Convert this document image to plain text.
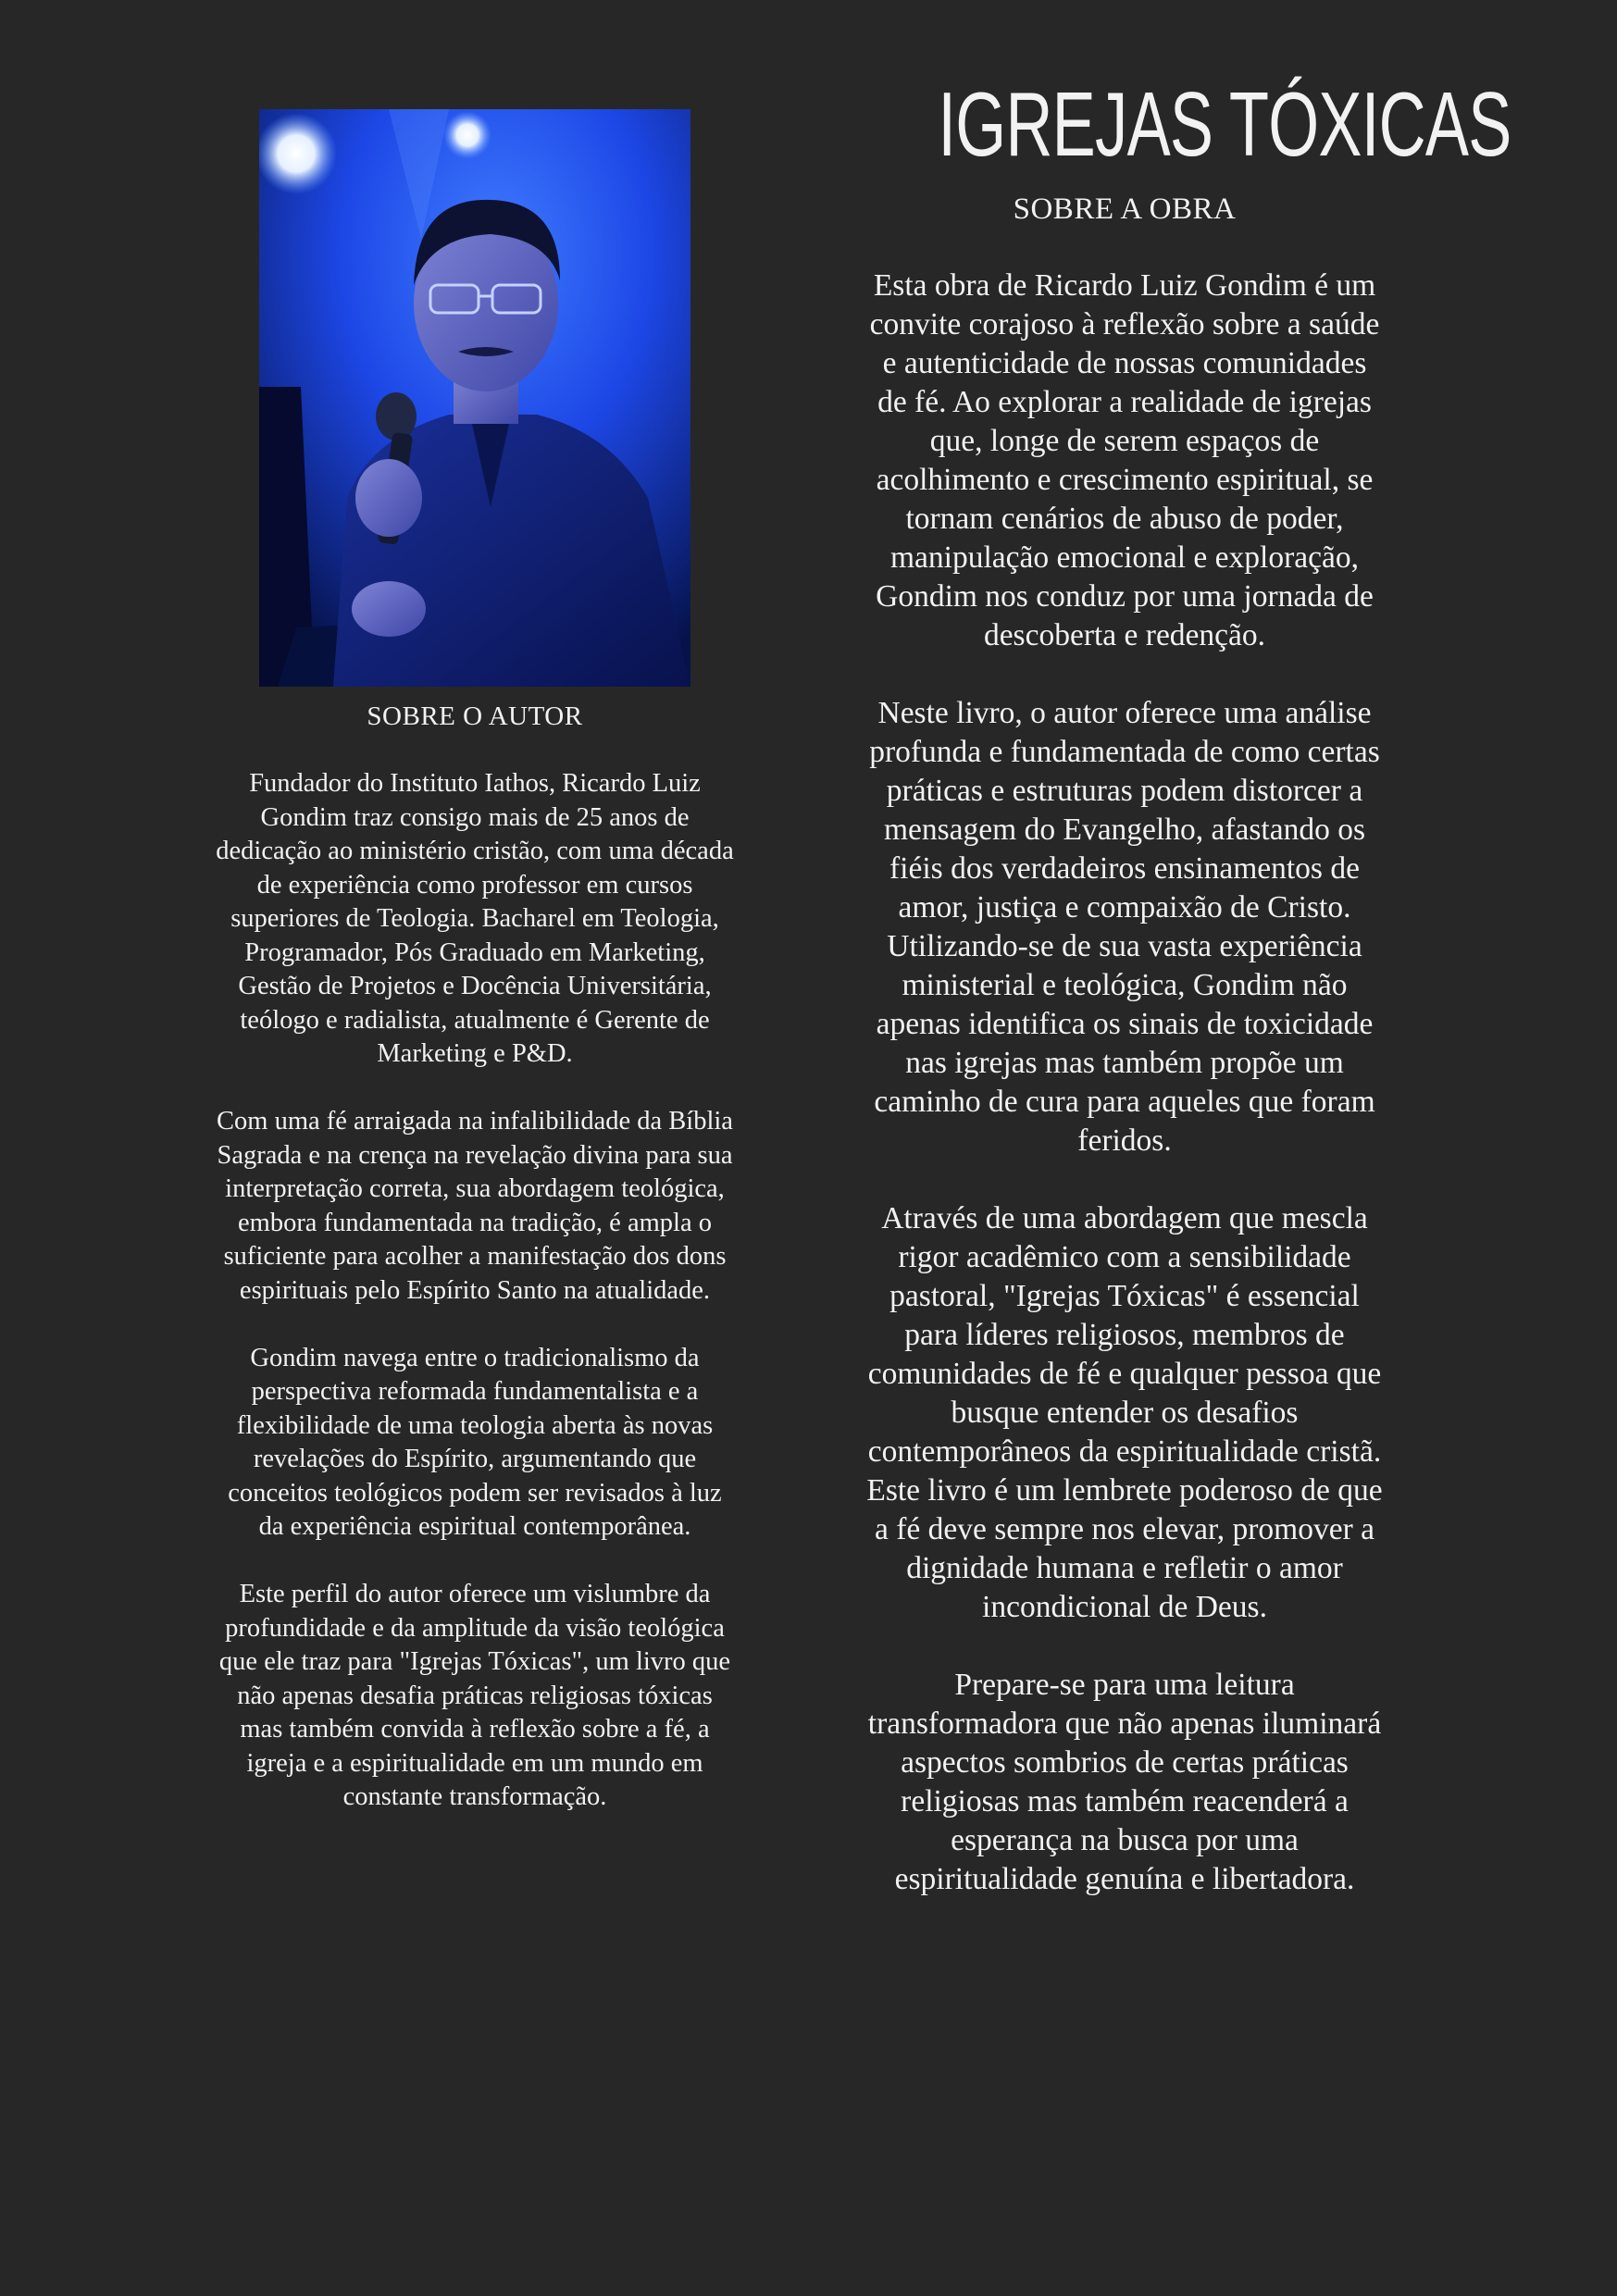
SOBRE O AUTOR

Fundador do Instituto Iathos, Ricardo Luiz Gondim traz consigo mais de 25 anos de dedicação ao ministério cristão, com uma década de experiência como professor em cursos superiores de Teologia. Bacharel em Teologia, Programador, Pós Graduado em Marketing, Gestão de Projetos e Docência Universitária, teólogo e radialista, atualmente é Gerente de Marketing e P&D.

Com uma fé arraigada na infalibilidade da Bíblia Sagrada e na crença na revelação divina para sua interpretação correta, sua abordagem teológica, embora fundamentada na tradição, é ampla o suficiente para acolher a manifestação dos dons espirituais pelo Espírito Santo na atualidade.

Gondim navega entre o tradicionalismo da perspectiva reformada fundamentalista e a flexibilidade de uma teologia aberta às novas revelações do Espírito, argumentando que conceitos teológicos podem ser revisados à luz da experiência espiritual contemporânea.

Este perfil do autor oferece um vislumbre da profundidade e da amplitude da visão teológica que ele traz para "Igrejas Tóxicas", um livro que não apenas desafia práticas religiosas tóxicas mas também convida à reflexão sobre a fé, a igreja e a espiritualidade em um mundo em constante transformação.

IGREJAS TÓXICAS
SOBRE A OBRA

Esta obra de Ricardo Luiz Gondim é um convite corajoso à reflexão sobre a saúde e autenticidade de nossas comunidades de fé. Ao explorar a realidade de igrejas que, longe de serem espaços de acolhimento e crescimento espiritual, se tornam cenários de abuso de poder, manipulação emocional e exploração, Gondim nos conduz por uma jornada de descoberta e redenção.

Neste livro, o autor oferece uma análise profunda e fundamentada de como certas práticas e estruturas podem distorcer a mensagem do Evangelho, afastando os fiéis dos verdadeiros ensinamentos de amor, justiça e compaixão de Cristo. Utilizando-se de sua vasta experiência ministerial e teológica, Gondim não apenas identifica os sinais de toxicidade nas igrejas mas também propõe um caminho de cura para aqueles que foram feridos.

Através de uma abordagem que mescla rigor acadêmico com a sensibilidade pastoral, "Igrejas Tóxicas" é essencial para líderes religiosos, membros de comunidades de fé e qualquer pessoa que busque entender os desafios contemporâneos da espiritualidade cristã. Este livro é um lembrete poderoso de que a fé deve sempre nos elevar, promover a dignidade humana e refletir o amor incondicional de Deus.

Prepare-se para uma leitura transformadora que não apenas iluminará aspectos sombrios de certas práticas religiosas mas também reacenderá a esperança na busca por uma espiritualidade genuína e libertadora.
